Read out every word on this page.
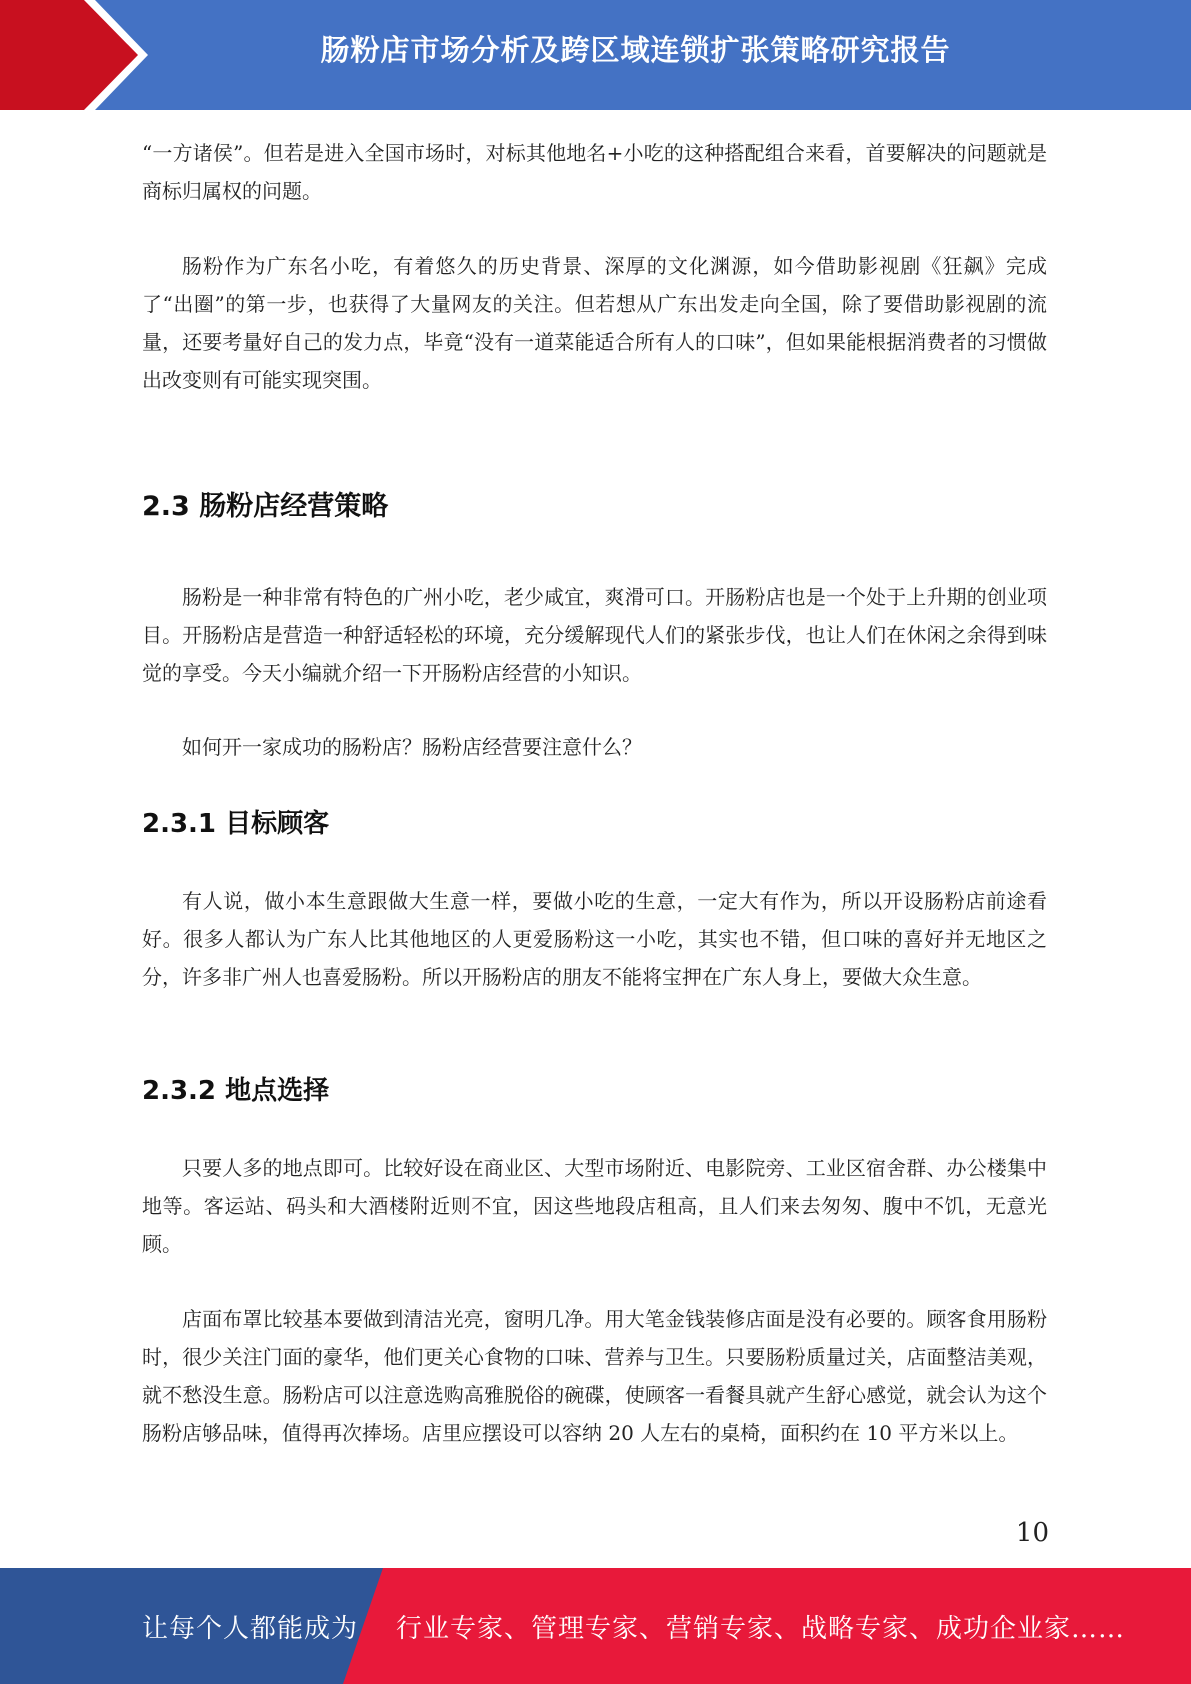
肠粉店市场分析及跨区域连锁扩张策略研究报告

“一方诸侯”。但若是进入全国市场时，对标其他地名+小吃的这种搭配组合来看，首要解决的问题就是商标归属权的问题。

肠粉作为广东名小吃，有着悠久的历史背景、深厚的文化渊源，如今借助影视剧《狂飙》完成了“出圈”的第一步，也获得了大量网友的关注。但若想从广东出发走向全国，除了要借助影视剧的流量，还要考量好自己的发力点，毕竟“没有一道菜能适合所有人的口味”，但如果能根据消费者的习惯做出改变则有可能实现突围。

2.3 肠粉店经营策略

肠粉是一种非常有特色的广州小吃，老少咸宜，爽滑可口。开肠粉店也是一个处于上升期的创业项目。开肠粉店是营造一种舒适轻松的环境，充分缓解现代人们的紧张步伐，也让人们在休闲之余得到味觉的享受。今天小编就介绍一下开肠粉店经营的小知识。

如何开一家成功的肠粉店？肠粉店经营要注意什么？

2.3.1 目标顾客

有人说，做小本生意跟做大生意一样，要做小吃的生意，一定大有作为，所以开设肠粉店前途看好。很多人都认为广东人比其他地区的人更爱肠粉这一小吃，其实也不错，但口味的喜好并无地区之分，许多非广州人也喜爱肠粉。所以开肠粉店的朋友不能将宝押在广东人身上，要做大众生意。

2.3.2 地点选择

只要人多的地点即可。比较好设在商业区、大型市场附近、电影院旁、工业区宿舍群、办公楼集中地等。客运站、码头和大酒楼附近则不宜，因这些地段店租高，且人们来去匆匆、腹中不饥，无意光顾。

店面布罩比较基本要做到清洁光亮，窗明几净。用大笔金钱装修店面是没有必要的。顾客食用肠粉时，很少关注门面的豪华，他们更关心食物的口味、营养与卫生。只要肠粉质量过关，店面整洁美观，就不愁没生意。肠粉店可以注意选购高雅脱俗的碗碟，使顾客一看餐具就产生舒心感觉，就会认为这个肠粉店够品味，值得再次捧场。店里应摆设可以容纳 20 人左右的桌椅，面积约在 10 平方米以上。

10
让每个人都能成为 行业专家、管理专家、营销专家、战略专家、成功企业家……
